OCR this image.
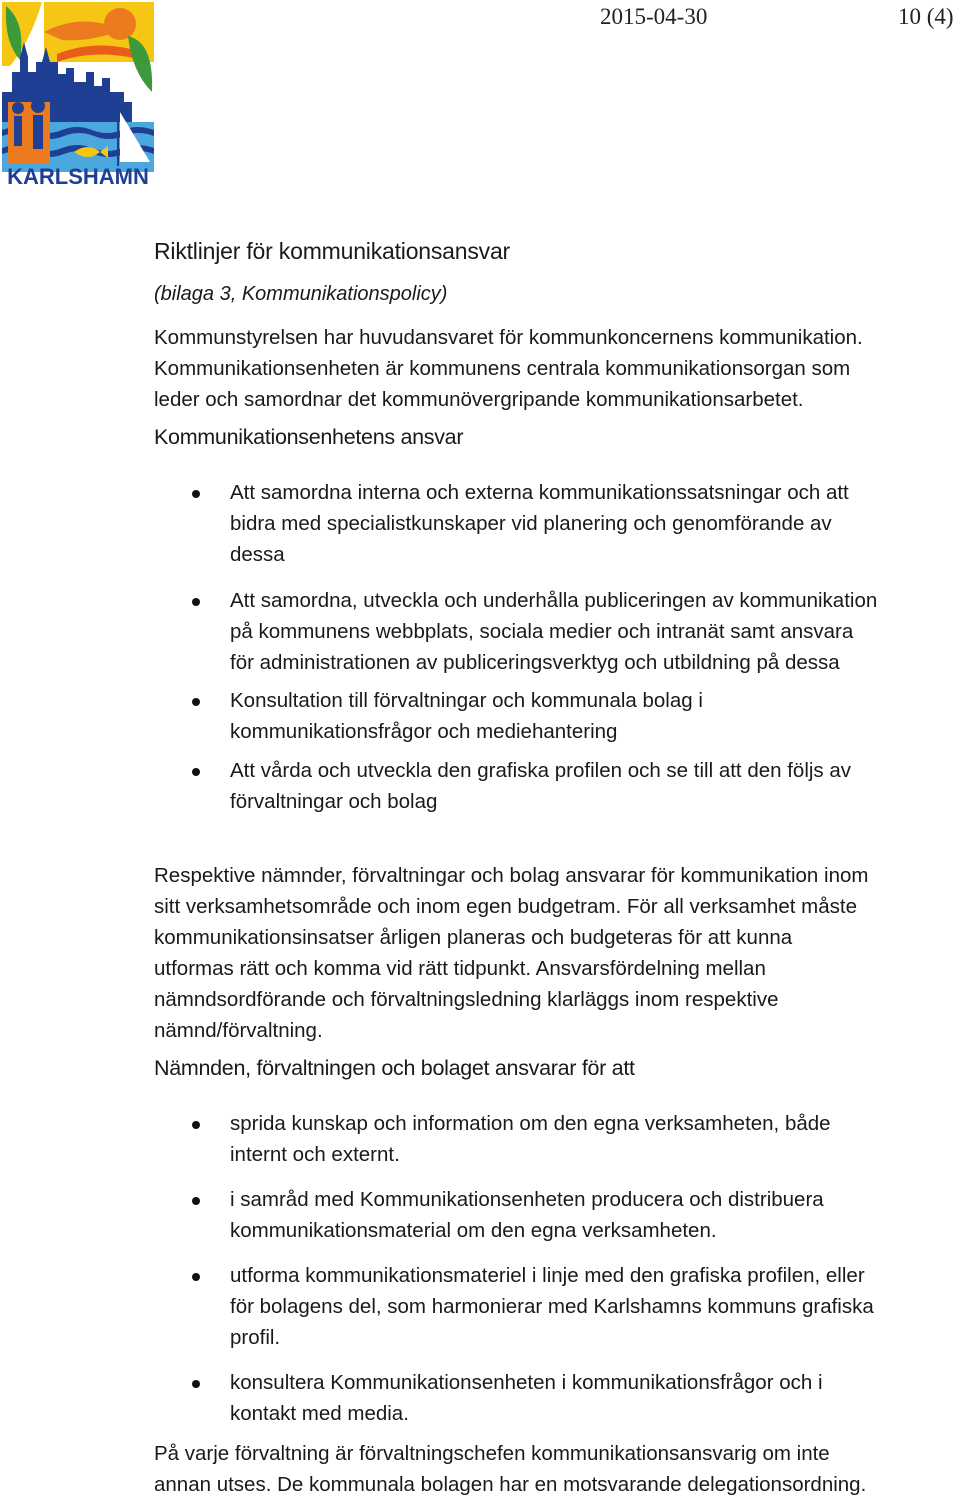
KARLSHAMN
2015-04-30	10 (4)
Riktlinjer för kommunikationsansvar
(bilaga 3, Kommunikationspolicy)

Kommunstyrelsen har huvudansvaret för kommunkoncernens kommunikation.
Kommunikationsenheten är kommunens centrala kommunikationsorgan som
leder och samordnar det kommunövergripande kommunikationsarbetet.

Kommunikationsenhetens ansvar
Att samordna interna och externa kommunikationssatsningar och att
bidra med specialistkunskaper vid planering och genomförande av
dessa
Att samordna, utveckla och underhålla publiceringen av kommunikation
på kommunens webbplats, sociala medier och intranät samt ansvara
för administrationen av publiceringsverktyg och utbildning på dessa
Konsultation till förvaltningar och kommunala bolag i
kommunikationsfrågor och mediehantering
Att vårda och utveckla den grafiska profilen och se till att den följs av
förvaltningar och bolag

Respektive nämnder, förvaltningar och bolag ansvarar för kommunikation inom
sitt verksamhetsområde och inom egen budgetram. För all verksamhet måste
kommunikationsinsatser årligen planeras och budgeteras för att kunna
utformas rätt och komma vid rätt tidpunkt. Ansvarsfördelning mellan
nämndsordförande och förvaltningsledning klarläggs inom respektive
nämnd/förvaltning.

Nämnden, förvaltningen och bolaget ansvarar för att
sprida kunskap och information om den egna verksamheten, både
internt och externt.
i samråd med Kommunikationsenheten producera och distribuera
kommunikationsmaterial om den egna verksamheten.
utforma kommunikationsmateriel i linje med den grafiska profilen, eller
för bolagens del, som harmonierar med Karlshamns kommuns grafiska
profil.
konsultera Kommunikationsenheten i kommunikationsfrågor och i
kontakt med media.

På varje förvaltning är förvaltningschefen kommunikationsansvarig om inte
annan utses. De kommunala bolagen har en motsvarande delegationsordning.
